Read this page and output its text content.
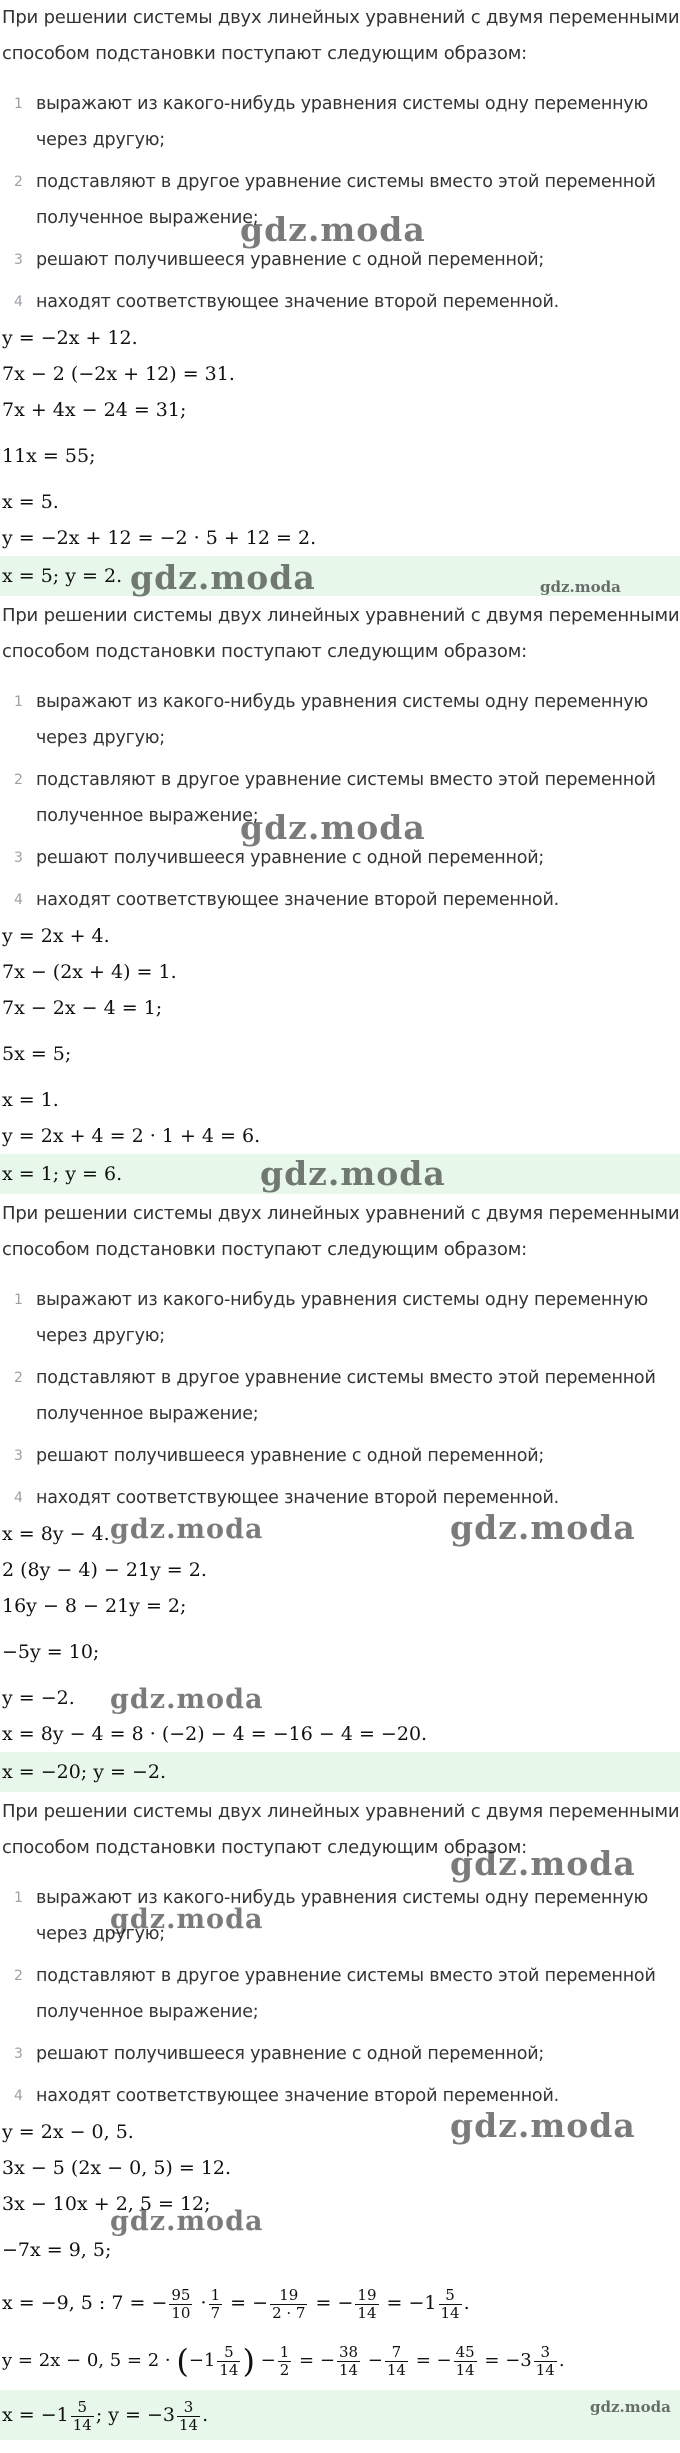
При решении системы двух линейных уравнений с двумя переменными способом подстановки поступают следующим образом:

1 выражают из какого-нибудь уравнения системы одну переменную через другую;
2 подставляют в другое уравнение системы вместо этой переменной полученное выражение;
3 решают получившееся уравнение с одной переменной;
4 находят соответствующее значение второй переменной.
y = −2x + 12.
7x − 2 (−2x + 12) = 31.
7x + 4x − 24 = 31;
11x = 55;
x = 5.
y = −2x + 12 = −2 · 5 + 12 = 2.
x = 5; y = 2.
gdz.moda
gdz.moda	gdz.moda

При решении системы двух линейных уравнений с двумя переменными способом подстановки поступают следующим образом:

1 выражают из какого-нибудь уравнения системы одну переменную через другую;
2 подставляют в другое уравнение системы вместо этой переменной полученное выражение;
3 решают получившееся уравнение с одной переменной;
4 находят соответствующее значение второй переменной.
y = 2x + 4.
7x − (2x + 4) = 1.
7x − 2x − 4 = 1;
5x = 5;
x = 1.
y = 2x + 4 = 2 · 1 + 4 = 6.
x = 1; y = 6.
gdz.moda
gdz.moda

При решении системы двух линейных уравнений с двумя переменными способом подстановки поступают следующим образом:

1 выражают из какого-нибудь уравнения системы одну переменную через другую;
2 подставляют в другое уравнение системы вместо этой переменной полученное выражение;
3 решают получившееся уравнение с одной переменной;
4 находят соответствующее значение второй переменной.
x = 8y − 4.
2 (8y − 4) − 21y = 2.
16y − 8 − 21y = 2;
−5y = 10;
y = −2.
x = 8y − 4 = 8 · (−2) − 4 = −16 − 4 = −20.
x = −20; y = −2.
gdz.moda	gdz.moda
gdz.moda

При решении системы двух линейных уравнений с двумя переменными способом подстановки поступают следующим образом:

1 выражают из какого-нибудь уравнения системы одну переменную через другую;
2 подставляют в другое уравнение системы вместо этой переменной полученное выражение;
3 решают получившееся уравнение с одной переменной;
4 находят соответствующее значение второй переменной.
y = 2x − 0, 5.
3x − 5 (2x − 0, 5) = 12.
3x − 10x + 2, 5 = 12;
−7x = 9, 5;
x = −9, 5 : 7 = − $\frac{95}{10} \cdot \frac{1}{7}$ = − $\frac{19}{2 \cdot 7}$ = − $\frac{19}{14} = -1 \frac{5}{14}$ .
y = 2x − 0, $5 = 2 \cdot (-1 \frac{5}{14}$ ) − $\frac{1}{2}$ = − $\frac{38}{14} - \frac{7}{14}$ = − $\frac{45}{14} = -3 \frac{3}{14}$ .
$x = -1 \frac{5}{14}$ ; $y = -3 \frac{3}{14}$ .
gdz.moda
gdz.moda
gdz.moda
gdz.moda
gdz.moda
